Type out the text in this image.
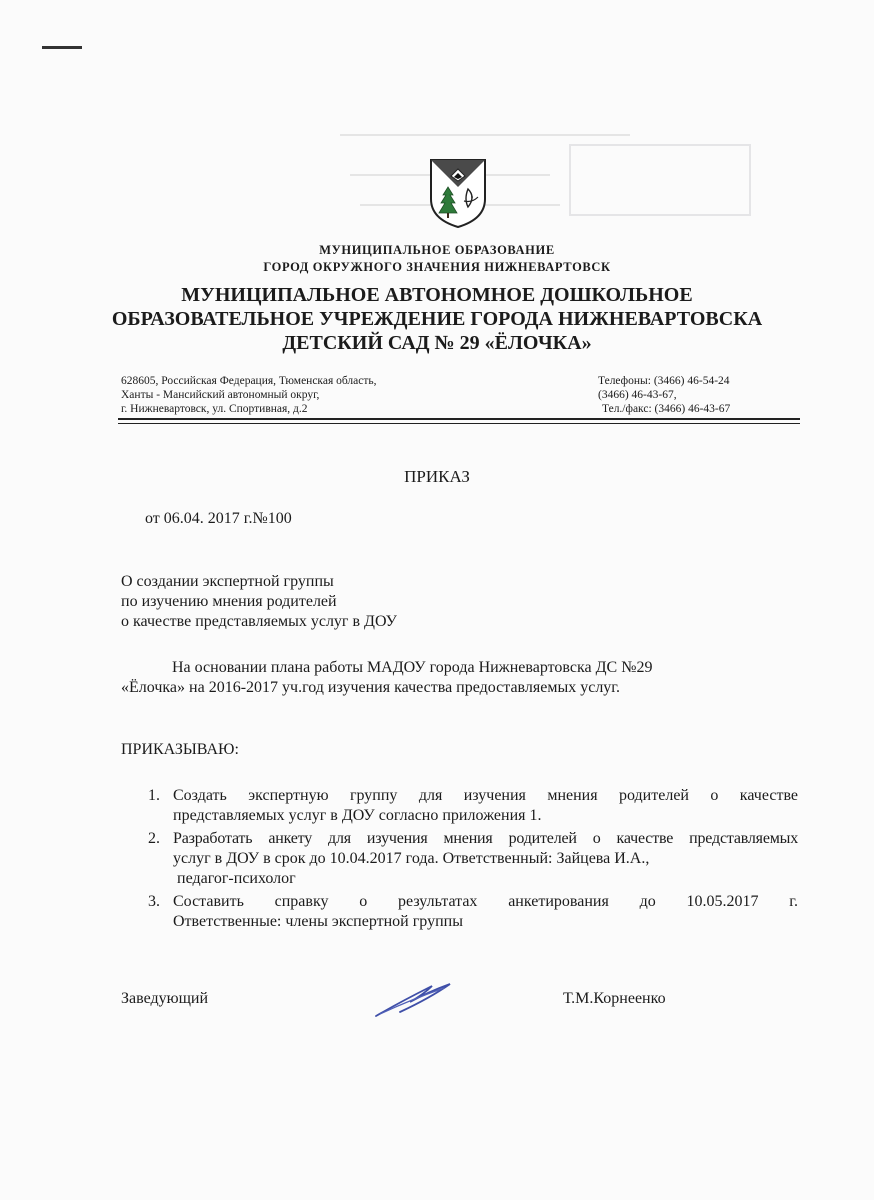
МУНИЦИПАЛЬНОЕ ОБРАЗОВАНИЕ
ГОРОД ОКРУЖНОГО ЗНАЧЕНИЯ НИЖНЕВАРТОВСК
МУНИЦИПАЛЬНОЕ АВТОНОМНОЕ ДОШКОЛЬНОЕ
ОБРАЗОВАТЕЛЬНОЕ УЧРЕЖДЕНИЕ ГОРОДА НИЖНЕВАРТОВСКА
ДЕТСКИЙ САД № 29 «ЁЛОЧКА»
628605, Российская Федерация, Тюменская область,
Ханты - Мансийский автономный округ,
г. Нижневартовск, ул. Спортивная, д.2
Телефоны: (3466) 46-54-24
(3466) 46-43-67,
Тел./факс: (3466) 46-43-67
ПРИКАЗ
от 06.04. 2017 г.№100
О создании экспертной группы
по изучению мнения родителей
о качестве представляемых услуг в ДОУ
На основании плана работы МАДОУ города Нижневартовска ДС №29
«Ёлочка» на 2016-2017 уч.год изучения качества предоставляемых услуг.
ПРИКАЗЫВАЮ:
1. Создать экспертную группу для изучения мнения родителей о качестве
представляемых услуг в ДОУ согласно приложения 1.
2. Разработать анкету для изучения мнения родителей о качестве представляемых
услуг в ДОУ в срок до 10.04.2017 года. Ответственный: Зайцева И.А.,
педагог-психолог
3. Составить справку о результатах анкетирования до 10.05.2017 г.
Ответственные: члены экспертной группы
Заведующий	Т.М.Корнеенко
